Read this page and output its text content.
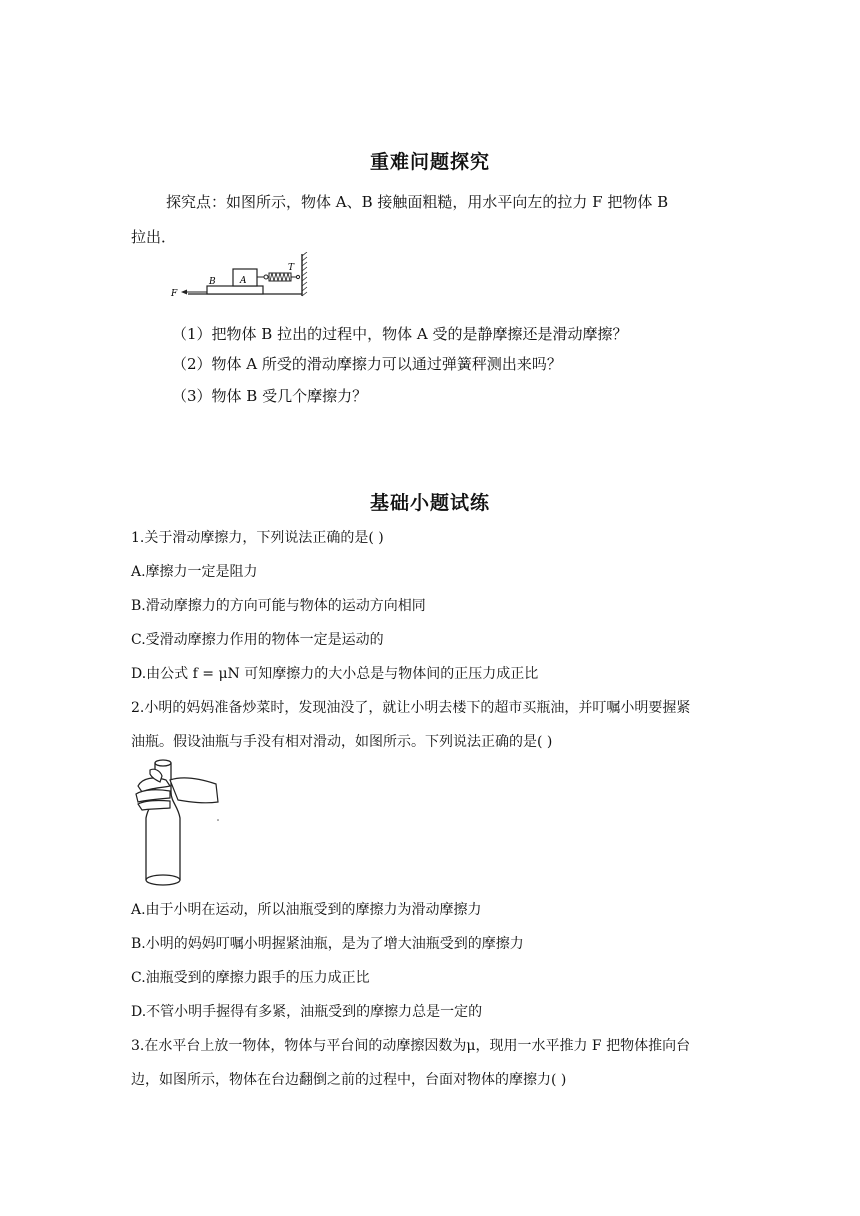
重难问题探究
探究点：如图所示，物体 A、B 接触面粗糙，用水平向左的拉力 F 把物体 B
拉出．
F
B	A
T
（1）把物体 B 拉出的过程中，物体 A 受的是静摩擦还是滑动摩擦？
（2）物体 A 所受的滑动摩擦力可以通过弹簧秤测出来吗？
（3）物体 B 受几个摩擦力？
基础小题试练
1.关于滑动摩擦力，下列说法正确的是( )
A.摩擦力一定是阻力
B.滑动摩擦力的方向可能与物体的运动方向相同
C.受滑动摩擦力作用的物体一定是运动的
D.由公式 f = μN 可知摩擦力的大小总是与物体间的正压力成正比
2.小明的妈妈准备炒菜时，发现油没了，就让小明去楼下的超市买瓶油，并叮嘱小明要握紧
油瓶。假设油瓶与手没有相对滑动，如图所示。下列说法正确的是( )
A.由于小明在运动，所以油瓶受到的摩擦力为滑动摩擦力
B.小明的妈妈叮嘱小明握紧油瓶，是为了增大油瓶受到的摩擦力
C.油瓶受到的摩擦力跟手的压力成正比
D.不管小明手握得有多紧，油瓶受到的摩擦力总是一定的
3.在水平台上放一物体，物体与平台间的动摩擦因数为μ，现用一水平推力 F 把物体推向台
边，如图所示，物体在台边翻倒之前的过程中，台面对物体的摩擦力( )
